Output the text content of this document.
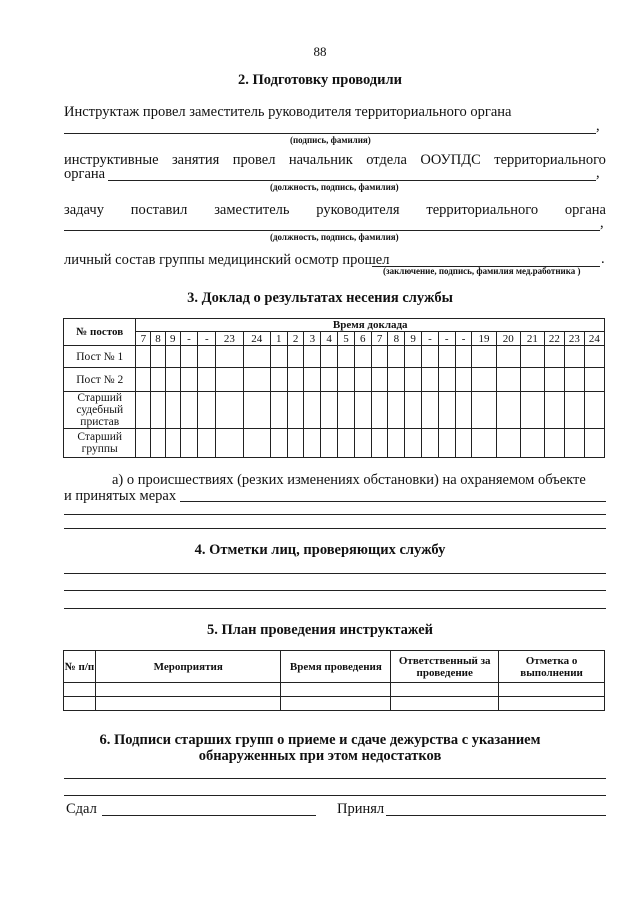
88
2. Подготовку проводили
Инструктаж провел заместитель руководителя территориального органа
,
(подпись, фамилия)
инструктивные занятия провел начальник отдела ООУПДС территориального
органа	,
(должность, подпись, фамилия)
задачу поставил заместитель руководителя территориального органа
,
(должность, подпись, фамилия)
личный состав группы медицинский осмотр прошел	.
(заключение, подпись, фамилия мед.работника )
3. Доклад о результатах несения службы
№ постов	Время доклада																								
	7	8	9	-	-	23	24	1	2	3	4	5	6	7	8	9	-	-	-	19	20	21	22	23	24
Пост № 1																									
Пост № 2																									
Старший судебный пристав																									
Старший группы																									
а) о происшествиях (резких изменениях обстановки) на охраняемом объекте
и принятых мерах
4. Отметки лиц, проверяющих службу
5. План проведения инструктажей
№ п/п	Мероприятия	Время проведения	Ответственный за проведение	Отметка о выполнении

6. Подписи старших групп о приеме и сдаче дежурства с указанием
обнаруженных при этом недостатков
Сдал	Принял
